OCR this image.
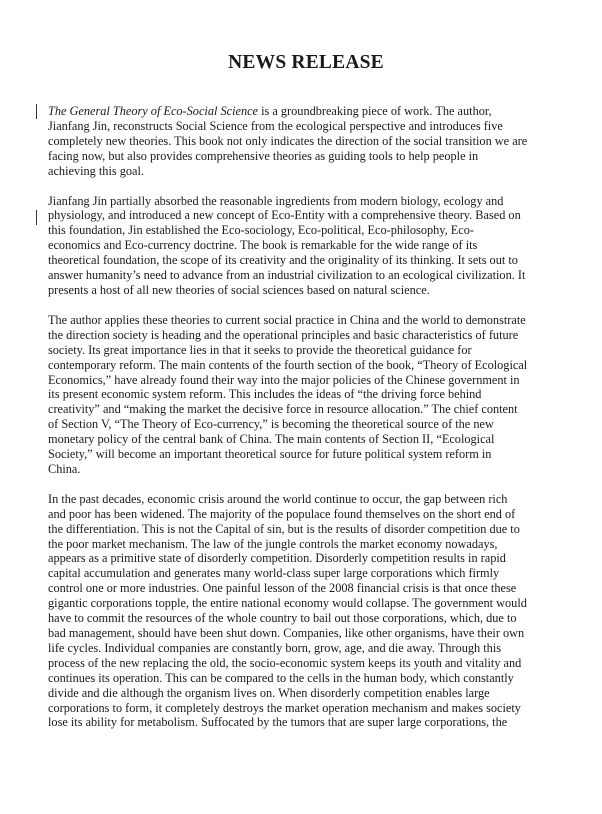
NEWS RELEASE

The General Theory of Eco-Social Science is a groundbreaking piece of work. The author,
Jianfang Jin, reconstructs Social Science from the ecological perspective and introduces five
completely new theories. This book not only indicates the direction of the social transition we are
facing now, but also provides comprehensive theories as guiding tools to help people in
achieving this goal.

Jianfang Jin partially absorbed the reasonable ingredients from modern biology, ecology and
physiology, and introduced a new concept of Eco-Entity with a comprehensive theory. Based on
this foundation, Jin established the Eco-sociology, Eco-political, Eco-philosophy, Eco-
economics and Eco-currency doctrine. The book is remarkable for the wide range of its
theoretical foundation, the scope of its creativity and the originality of its thinking. It sets out to
answer humanity’s need to advance from an industrial civilization to an ecological civilization. It
presents a host of all new theories of social sciences based on natural science.

The author applies these theories to current social practice in China and the world to demonstrate
the direction society is heading and the operational principles and basic characteristics of future
society. Its great importance lies in that it seeks to provide the theoretical guidance for
contemporary reform. The main contents of the fourth section of the book, “Theory of Ecological
Economics,” have already found their way into the major policies of the Chinese government in
its present economic system reform. This includes the ideas of “the driving force behind
creativity” and “making the market the decisive force in resource allocation.” The chief content
of Section V, “The Theory of Eco-currency,” is becoming the theoretical source of the new
monetary policy of the central bank of China. The main contents of Section II, “Ecological
Society,” will become an important theoretical source for future political system reform in
China.

In the past decades, economic crisis around the world continue to occur, the gap between rich
and poor has been widened. The majority of the populace found themselves on the short end of
the differentiation. This is not the Capital of sin, but is the results of disorder competition due to
the poor market mechanism. The law of the jungle controls the market economy nowadays,
appears as a primitive state of disorderly competition. Disorderly competition results in rapid
capital accumulation and generates many world-class super large corporations which firmly
control one or more industries. One painful lesson of the 2008 financial crisis is that once these
gigantic corporations topple, the entire national economy would collapse. The government would
have to commit the resources of the whole country to bail out those corporations, which, due to
bad management, should have been shut down. Companies, like other organisms, have their own
life cycles. Individual companies are constantly born, grow, age, and die away. Through this
process of the new replacing the old, the socio-economic system keeps its youth and vitality and
continues its operation. This can be compared to the cells in the human body, which constantly
divide and die although the organism lives on. When disorderly competition enables large
corporations to form, it completely destroys the market operation mechanism and makes society
lose its ability for metabolism. Suffocated by the tumors that are super large corporations, the
